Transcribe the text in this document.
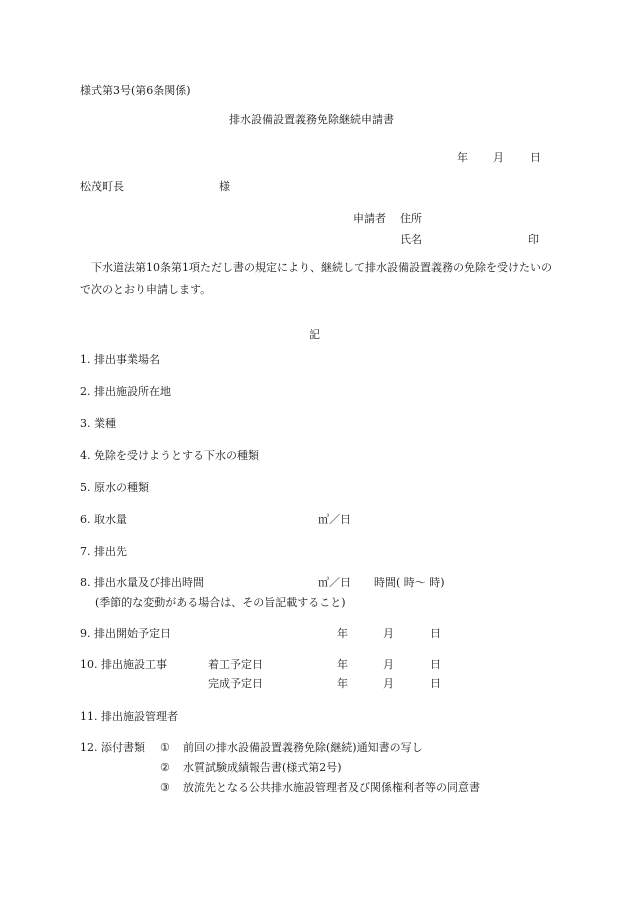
様式第3号(第6条関係)
排水設備設置義務免除継続申請書
年 月 日
松茂町長	様
申請者 住所
氏名	印
下水道法第10条第1項ただし書の規定により、継続して排水設備設置義務の免除を受けたいので次のとおり申請します。
記
1. 排出事業場名
2. 排出施設所在地
3. 業種
4. 免除を受けようとする下水の種類
5. 原水の種類
6. 取水量	㎥／日
7. 排出先
8. 排出水量及び排出時間	㎥／日 時間( 時〜 時)
(季節的な変動がある場合は、その旨記載すること)
9. 排出開始予定日	年	月	日
10. 排出施設工事	着工予定日	年	月	日
完成予定日	年	月	日
11. 排出施設管理者
12. 添付書類 ① 前回の排水設備設置義務免除(継続)通知書の写し
② 水質試験成績報告書(様式第2号)
③ 放流先となる公共排水施設管理者及び関係権利者等の同意書
